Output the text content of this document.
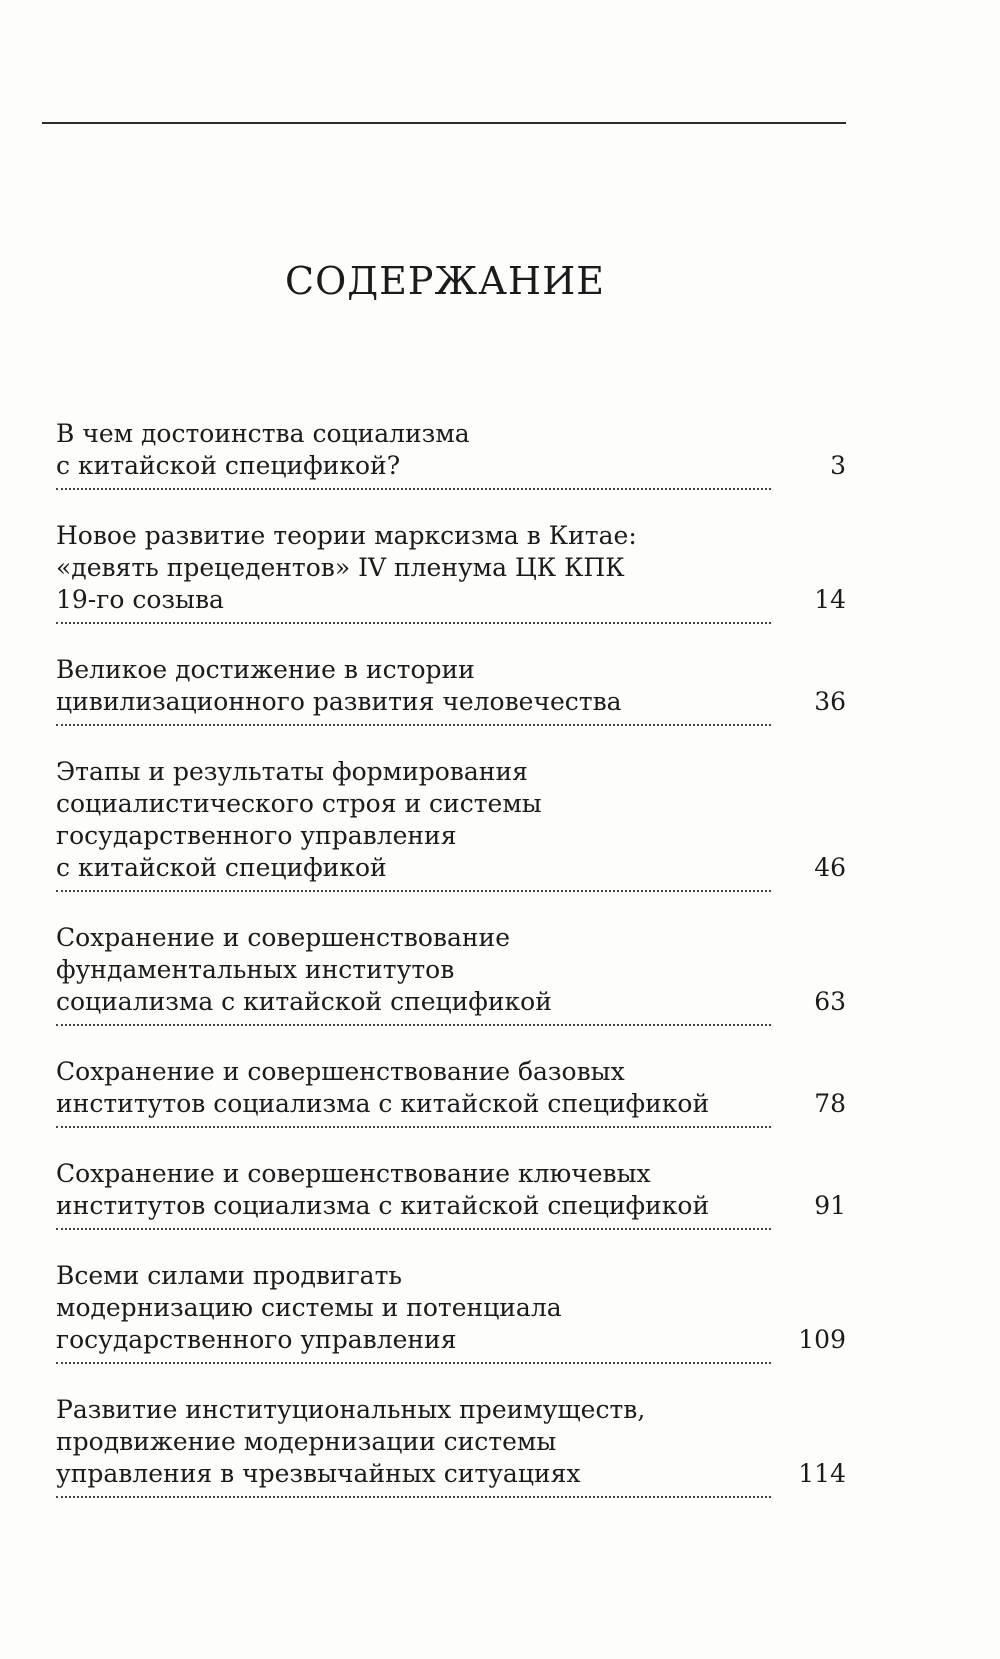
СОДЕРЖАНИЕ
В чем достоинства социализма
с китайской спецификой?	3
Новое развитие теории марксизма в Китае:
«девять прецедентов» IV пленума ЦК КПК
19-го созыва	14
Великое достижение в истории
цивилизационного развития человечества	36
Этапы и результаты формирования
социалистического строя и системы
государственного управления
с китайской спецификой	46
Сохранение и совершенствование
фундаментальных институтов
социализма с китайской спецификой	63
Сохранение и совершенствование базовых
институтов социализма с китайской спецификой	78
Сохранение и совершенствование ключевых
институтов социализма с китайской спецификой	91
Всеми силами продвигать
модернизацию системы и потенциала
государственного управления	109
Развитие институциональных преимуществ,
продвижение модернизации системы
управления в чрезвычайных ситуациях	114
